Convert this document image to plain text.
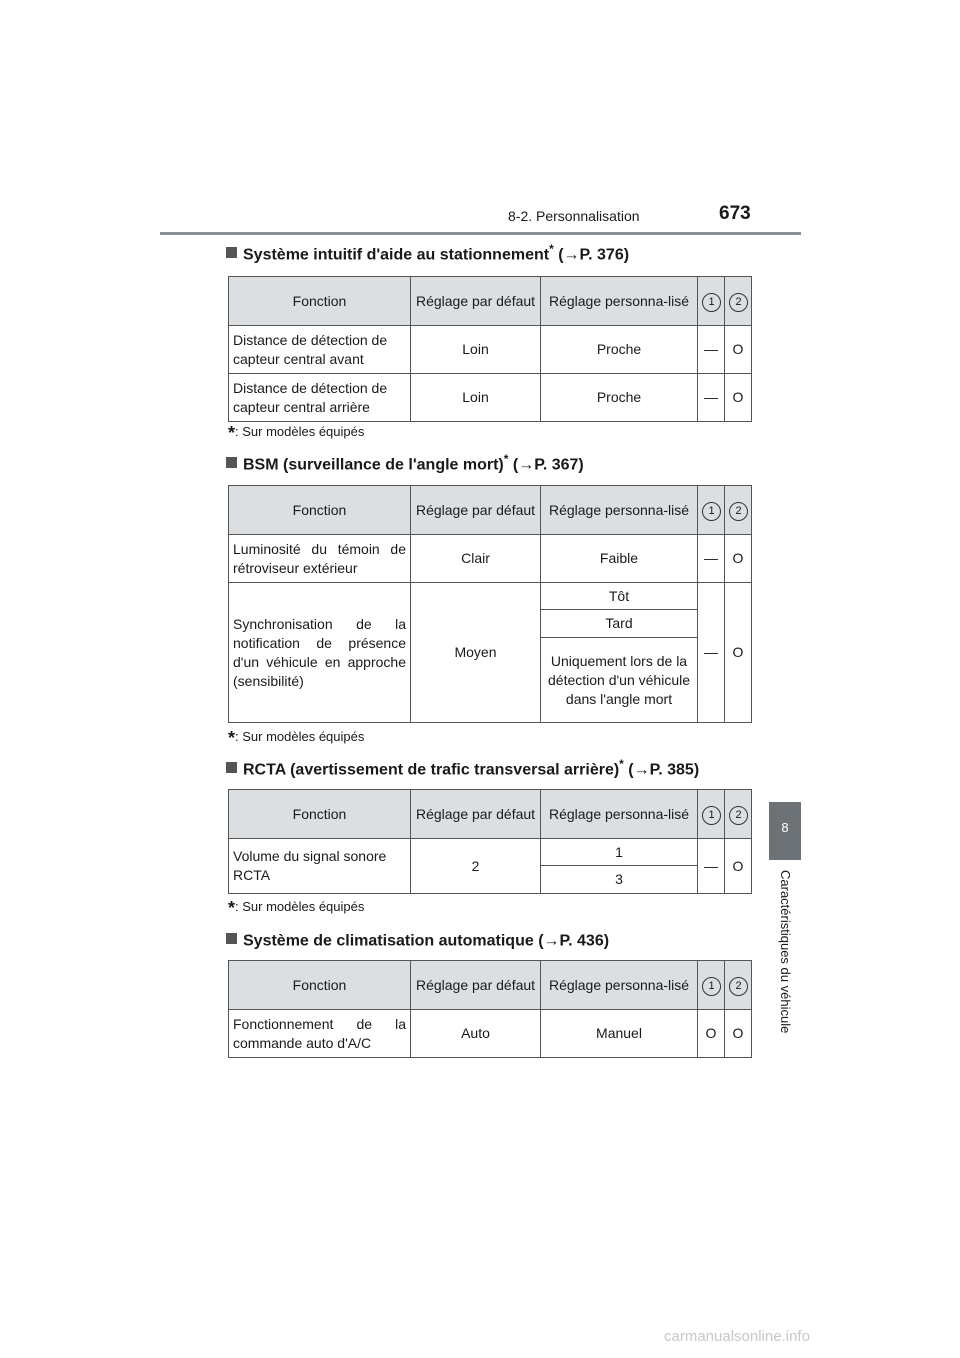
8-2. Personnalisation	673
8
Caractéristiques du véhicule
Système intuitif d'aide au stationnement* (→P. 376)
Fonction	Réglage par défaut	Réglage personna-lisé	1	2
Distance de détection de capteur central avant	Loin	Proche	—	O
Distance de détection de capteur central arrière	Loin	Proche	—	O
*: Sur modèles équipés
BSM (surveillance de l'angle mort)* (→P. 367)
Fonction	Réglage par défaut	Réglage personna-lisé	1	2
Luminosité du témoin de rétroviseur extérieur	Clair	Faible	—	O
Synchronisation de la notification de présence d'un véhicule en approche (sensibilité)	Moyen	Tôt	—	O
		Tard		
		Uniquement lors de la détection d'un véhicule dans l'angle mort		
*: Sur modèles équipés
RCTA (avertissement de trafic transversal arrière)* (→P. 385)
Fonction	Réglage par défaut	Réglage personna-lisé	1	2
Volume du signal sonore RCTA	2	1	—	O
		3		
*: Sur modèles équipés
Système de climatisation automatique (→P. 436)
Fonction	Réglage par défaut	Réglage personna-lisé	1	2
Fonctionnement de la commande auto d'A/C	Auto	Manuel	O	O
carmanualsonline.info
